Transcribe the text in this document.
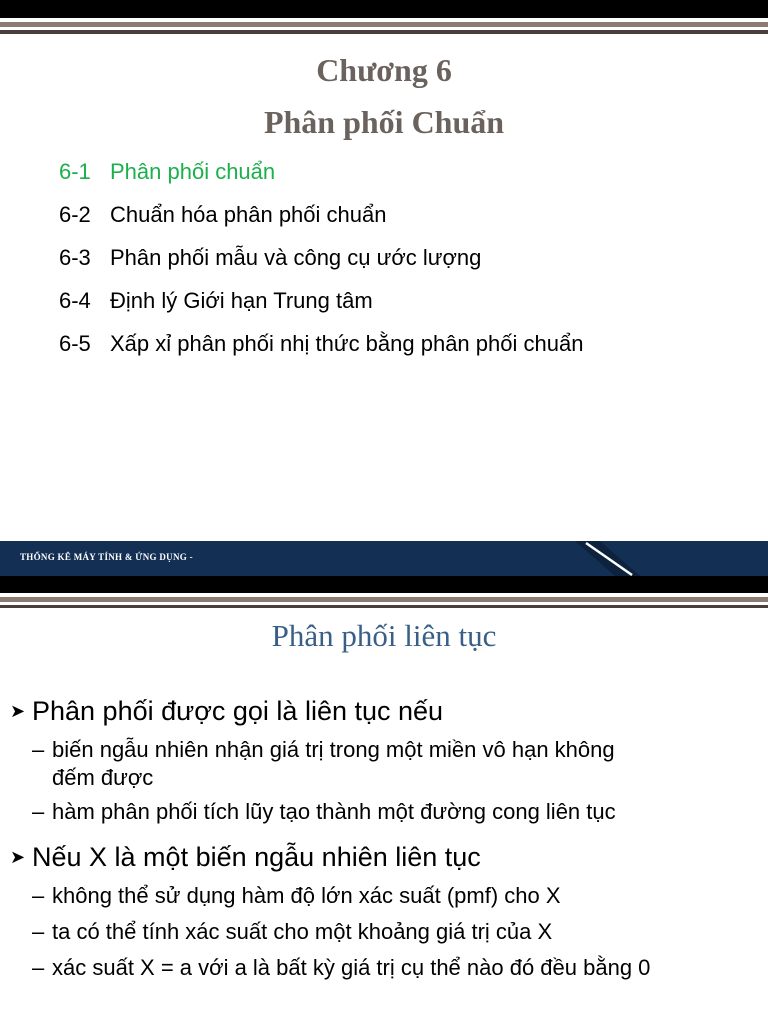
Chương 6
Phân phối Chuẩn
6-1 Phân phối chuẩn
6-2 Chuẩn hóa phân phối chuẩn
6-3 Phân phối mẫu và công cụ ước lượng
6-4 Định lý Giới hạn Trung tâm
6-5 Xấp xỉ phân phối nhị thức bằng phân phối chuẩn
THỐNG KÊ MÁY TÍNH & ỨNG DỤNG -
Phân phối liên tục
➤ Phân phối được gọi là liên tục nếu
– biến ngẫu nhiên nhận giá trị trong một miền vô hạn không
đếm được
– hàm phân phối tích lũy tạo thành một đường cong liên tục
➤ Nếu X là một biến ngẫu nhiên liên tục
– không thể sử dụng hàm độ lớn xác suất (pmf) cho X
– ta có thể tính xác suất cho một khoảng giá trị của X
– xác suất X = a với a là bất kỳ giá trị cụ thể nào đó đều bằng 0
